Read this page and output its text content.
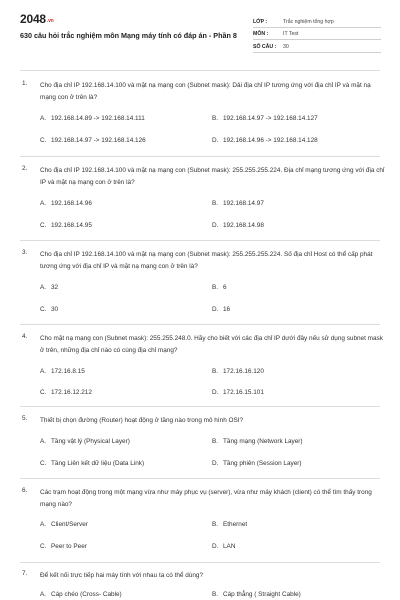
2048.vn
630 câu hỏi trắc nghiệm môn Mạng máy tính có đáp án - Phần 8
LỚP :	Trắc nghiệm tổng hợp
MÔN :	IT Test
SỐ CÂU : 30
1. Cho địa chỉ IP 192.168.14.100 và mặt nạ mạng con (Subnet mask): Dải địa chỉ IP tương ứng với địa chỉ IP và mặt nạ mạng con ở trên là?
A. 192.168.14.89 -> 192.168.14.111	B. 192.168.14.97 -> 192.168.14.127
C. 192.168.14.97 -> 192.168.14.126	D. 192.168.14.96 -> 192.168.14.128
2. Cho địa chỉ IP 192.168.14.100 và mặt nạ mạng con (Subnet mask): 255.255.255.224. Địa chỉ mạng tương ứng với địa chỉ IP và mặt nạ mạng con ở trên là?
A. 192.168.14.96	B. 192.168.14.97
C. 192.168.14.95	D. 192.168.14.98
3. Cho địa chỉ IP 192.168.14.100 và mặt nạ mạng con (Subnet mask): 255.255.255.224. Số địa chỉ Host có thể cấp phát tương ứng với địa chỉ IP và mặt nạ mạng con ở trên là?
A. 32	B. 6
C. 30	D. 16
4. Cho mặt nạ mạng con (Subnet mask): 255.255.248.0. Hãy cho biết với các địa chỉ IP dưới đây nếu sử dụng subnet mask ở trên, những địa chỉ nào có cùng địa chỉ mạng?
A. 172.16.8.15	B. 172.16.16.120
C. 172.16.12.212	D. 172.16.15.101
5. Thiết bị chọn đường (Router) hoạt động ở tầng nào trong mô hình OSI?
A. Tầng vật lý (Physical Layer)	B. Tầng mạng (Network Layer)
C. Tầng Liên kết dữ liệu (Data Link)	D. Tầng phiên (Session Layer)
6. Các trạm hoạt động trong một mạng vừa như máy phục vụ (server), vừa như máy khách (client) có thể tìm thấy trong mạng nào?
A. Client/Server	B. Ethernet
C. Peer to Peer	D. LAN
7. Để kết nối trực tiếp hai máy tính với nhau ta có thể dùng?
A. Cáp chéo (Cross- Cable)	B. Cáp thẳng ( Straight Cable)
